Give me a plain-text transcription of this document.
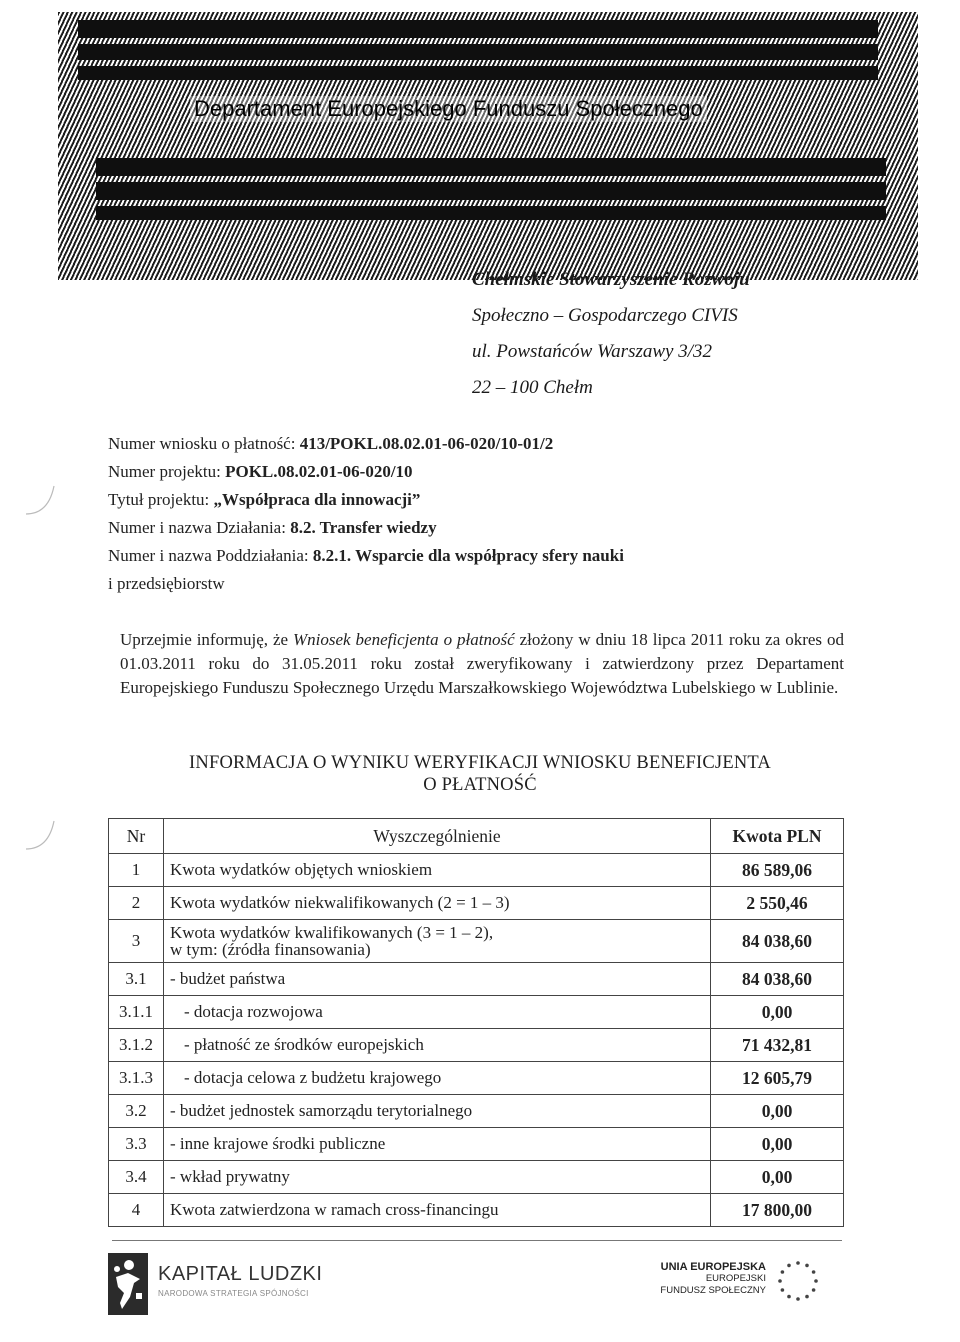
Departament Europejskiego Funduszu Społecznego
Chełmskie Stowarzyszenie Rozwoju
Społeczno – Gospodarczego CIVIS
ul. Powstańców Warszawy 3/32
22 – 100 Chełm
Numer wniosku o płatność: 413/POKL.08.02.01-06-020/10-01/2
Numer projektu: POKL.08.02.01-06-020/10
Tytuł projektu: „Współpraca dla innowacji”
Numer i nazwa Działania: 8.2. Transfer wiedzy
Numer i nazwa Poddziałania: 8.2.1. Wsparcie dla współpracy sfery nauki
i przedsiębiorstw
Uprzejmie informuję, że Wniosek beneficjenta o płatność złożony w dniu 18 lipca 2011 roku za okres od 01.03.2011 roku do 31.05.2011 roku został zweryfikowany i zatwierdzony przez Departament Europejskiego Funduszu Społecznego Urzędu Marszałkowskiego Województwa Lubelskiego w Lublinie.
INFORMACJA O WYNIKU WERYFIKACJI WNIOSKU BENEFICJENTA
O PŁATNOŚĆ
Nr	Wyszczególnienie	Kwota PLN
1	Kwota wydatków objętych wnioskiem	86 589,06
2	Kwota wydatków niekwalifikowanych (2 = 1 – 3)	2 550,46
3	Kwota wydatków kwalifikowanych (3 = 1 – 2),
w tym: (źródła finansowania)	84 038,60
3.1	- budżet państwa	84 038,60
3.1.1	- dotacja rozwojowa	0,00
3.1.2	- płatność ze środków europejskich	71 432,81
3.1.3	- dotacja celowa z budżetu krajowego	12 605,79
3.2	- budżet jednostek samorządu terytorialnego	0,00
3.3	- inne krajowe środki publiczne	0,00
3.4	- wkład prywatny	0,00
4	Kwota zatwierdzona w ramach cross-financingu	17 800,00
KAPITAŁ LUDZKI
NARODOWA STRATEGIA SPÓJNOŚCI
UNIA EUROPEJSKA
EUROPEJSKI
FUNDUSZ SPOŁECZNY
